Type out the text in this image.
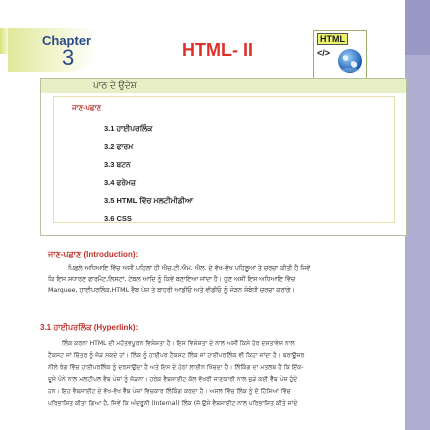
Chapter
3	HTML- II
HTML
</>
ਪਾਠ ਦੇ ਉਦੇਸ਼
ਜਾਣ-ਪਛਾਣ
3.1 ਹਾਈਪਰਲਿੰਕ
3.2 ਫਾਰਮ
3.3 ਬਟਨ
3.4 ਫਰੇਮਜ਼
3.5 HTML ਵਿੱਚ ਮਲਟੀਮੀਡੀਆ
3.6 CSS
ਜਾਣ-ਪਛਾਣ (Introduction):
ਪਿਛਲੇ ਅਧਿਆਇ ਵਿੱਚ ਅਸੀਂ ਪਹਿਲਾਂ ਹੀ ਐਚ.ਟੀ.ਐਮ. ਐਲ. ਦੇ ਵੱਖ-ਵੱਖ ਪਹਿਲੂਆਂ ਤੇ ਚਰਚਾ ਕੀਤੀ ਹੈ ਜਿਵੇਂ
ਕਿ ਇਸ ਸਧਾਰਣ ਫਾਰਮੈਟ,ਲਿਸਟਾਂ, ਟੇਬਲ ਆਦਿ ਨੂੰ ਕਿਵੇਂ ਬਣਾਇਆ ਜਾਂਦਾ ਹੈ। ਹੁਣ ਅਸੀਂ ਇਸ ਅਧਿਆਇ ਵਿੱਚ
Marquee, ਹਾਈਪਰਲਿੰਕ,HTML ਵੈਬ ਪੇਜ਼ ਤੇ ਬਾਹਰੀ ਆਡੀਓ ਅਤੇ ਵੀਡੀਓ ਨੂੰ ਜੋੜਨ ਸੰਬੰਧੀ ਚਰਚਾ ਕਰਾਂਗੇ।
3.1 ਹਾਈਪਰਲਿੰਕ (Hyperlink):
ਲਿੰਕ ਕਰਨਾ HTML ਦੀ ਮਹੱਤਵਪੂਰਨ ਵਿਸ਼ੇਸ਼ਤਾ ਹੈ। ਇਸ ਵਿਸ਼ੇਸ਼ਤਾ ਦੇ ਨਾਲ ਅਸੀਂ ਕਿਸੇ ਹੋਰ ਦਸਤਾਵੇਜ਼ ਨਾਲ
ਟੈਕਸਟ ਜਾਂ ਚਿੱਤਰ ਨੂੰ ਜੋੜ ਸਕਦੇ ਹਾਂ। ਲਿੰਕ ਨੂੰ ਹਾਈਪਰ ਟੈਕਸਟ ਲਿੰਕ ਜਾਂ ਹਾਈਪਰਲਿੰਕ ਵੀ ਕਿਹਾ ਜਾਂਦਾ ਹੈ। ਬਰਾਊਜ਼ਰ
ਨੀਲੇ ਰੰਗ ਵਿੱਚ ਹਾਈਪਰਲਿੰਕ ਨੂੰ ਦਰਸਾਉਂਦਾ ਹੈ ਅਤੇ ਇਸ ਦੇ ਹੇਠਾਂ ਲਾਈਨ ਖਿੱਚਦਾ ਹੈ। ਲਿੰਕਿੰਗ ਦਾ ਮਤਲਬ ਹੈ ਕਿ ਇੱਕ-
ਦੂਜੇ ਪੰਨੇ ਨਾਲ ਮਲਟੀਪਲ ਵੈਬ ਪੇਜ਼ਾਂ ਨੂੰ ਜੋੜਨਾ। ਹਰੇਕ ਵੈਬਸਾਈਟ ਕੋਲ ਵੱਖਰੀ ਜਾਣਕਾਰੀ ਨਾਲ ਜੁੜੇ ਕਈ ਵੈੱਬ ਪੇਜ਼ ਹੁੰਦੇ
ਹਨ। ਇਹ ਵੈਬਸਾਈਟ ਦੇ ਵੱਖ-ਵੱਖ ਵੈੱਬ ਪੇਜ਼ਾਂ ਵਿਚਕਾਰ ਲਿੰਕਿੰਗ ਕਰਦਾ ਹੈ। ਅਸਲ ਵਿੱਚ ਲਿੰਕ ਨੂੰ ਦੋ ਹਿੱਸਿਆਂ ਵਿੱਚ
ਪਰਿਭਾਸ਼ਿਤ ਕੀਤਾ ਗਿਆ ਹੈ, ਜਿਵੇਂ ਕਿ ਅੰਦਰੂਨੀ (Internal) ਲਿੰਕ (ਜੋ ਉਸੇ ਵੈਬਸਾਈਟ ਨਾਲ ਪਰਿਭਾਸ਼ਿਤ ਕੀਤੇ ਜਾਂਦੇ
